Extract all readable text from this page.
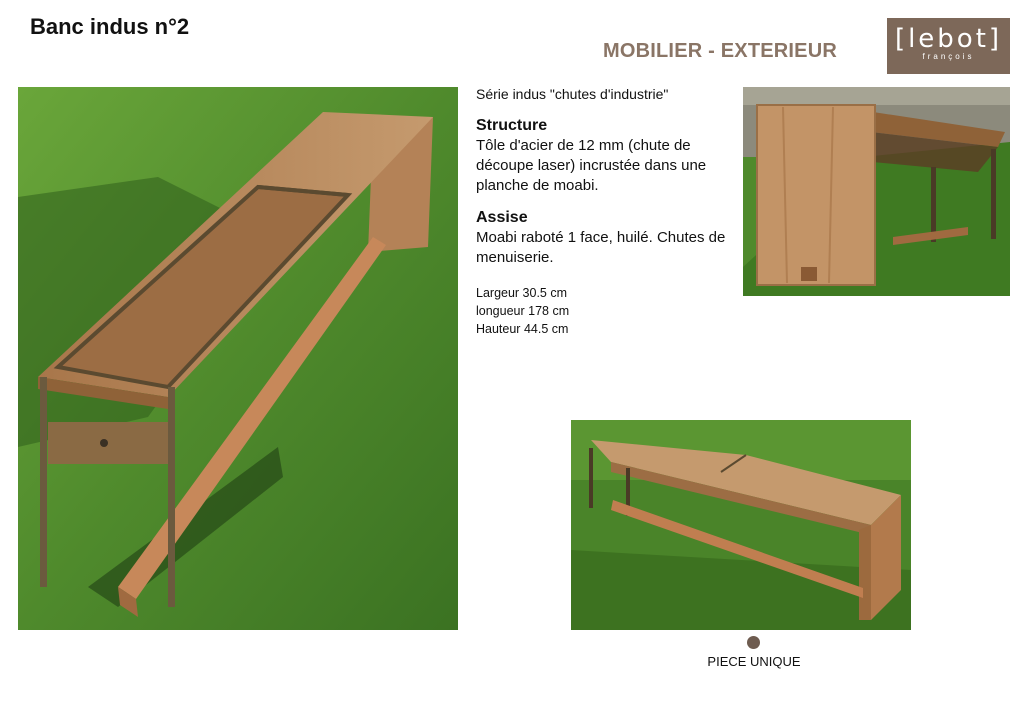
Banc indus n°2
MOBILIER - EXTERIEUR	[lebot]
françois

Série indus "chutes d'industrie"

Structure

Tôle d'acier de 12 mm (chute de découpe laser) incrustée dans une planche de moabi.

Assise

Moabi raboté 1 face, huilé. Chutes de menuiserie.

Largeur 30.5 cm
longueur 178 cm
Hauteur 44.5 cm
PIECE UNIQUE
